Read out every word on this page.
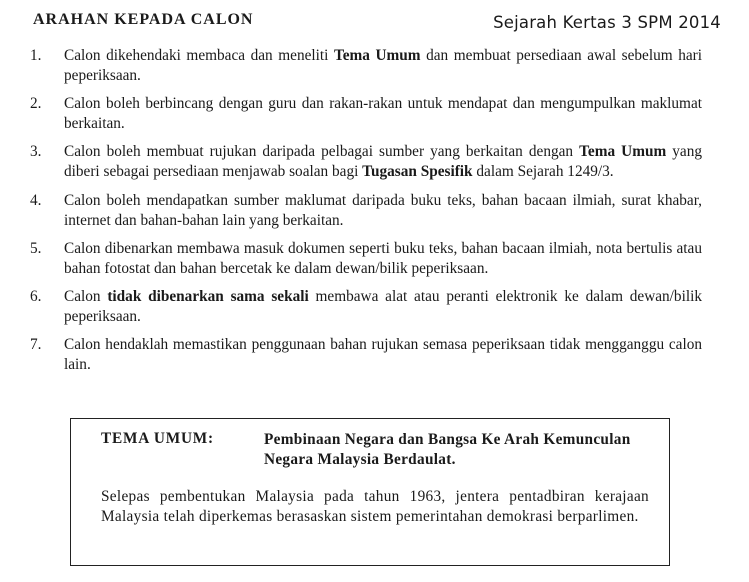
ARAHAN KEPADA CALON	Sejarah Kertas 3 SPM 2014
1. Calon dikehendaki membaca dan meneliti Tema Umum dan membuat persediaan awal sebelum hari peperiksaan.
2. Calon boleh berbincang dengan guru dan rakan-rakan untuk mendapat dan mengumpulkan maklumat berkaitan.
3. Calon boleh membuat rujukan daripada pelbagai sumber yang berkaitan dengan Tema Umum yang diberi sebagai persediaan menjawab soalan bagi Tugasan Spesifik dalam Sejarah 1249/3.
4. Calon boleh mendapatkan sumber maklumat daripada buku teks, bahan bacaan ilmiah, surat khabar, internet dan bahan-bahan lain yang berkaitan.
5. Calon dibenarkan membawa masuk dokumen seperti buku teks, bahan bacaan ilmiah, nota bertulis atau bahan fotostat dan bahan bercetak ke dalam dewan/bilik peperiksaan.
6. Calon tidak dibenarkan sama sekali membawa alat atau peranti elektronik ke dalam dewan/bilik peperiksaan.
7. Calon hendaklah memastikan penggunaan bahan rujukan semasa peperiksaan tidak mengganggu calon lain.
TEMA UMUM:	Pembinaan Negara dan Bangsa Ke Arah Kemunculan Negara Malaysia Berdaulat.
Selepas pembentukan Malaysia pada tahun 1963, jentera pentadbiran kerajaan Malaysia telah diperkemas berasaskan sistem pemerintahan demokrasi berparlimen.
